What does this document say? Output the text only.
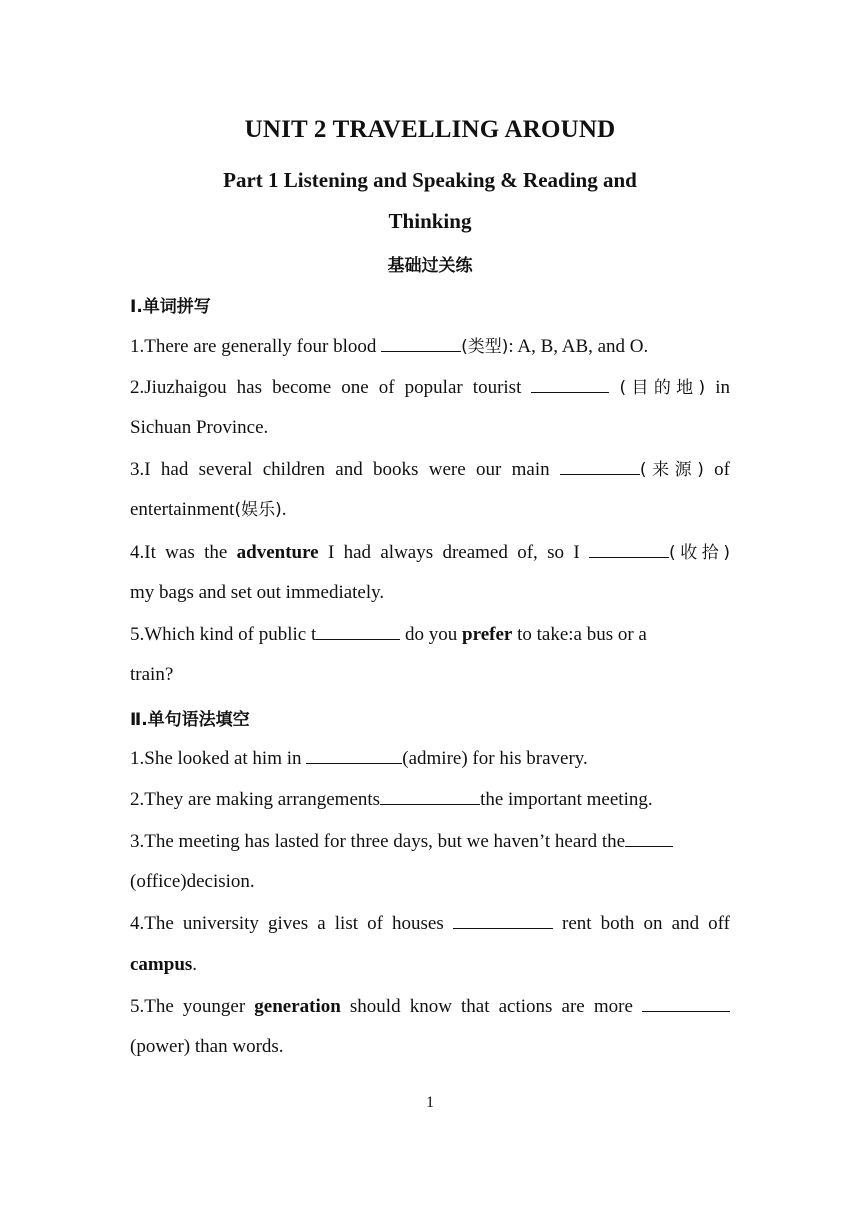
UNIT 2 TRAVELLING AROUND

Part 1 Listening and Speaking & Reading and

Thinking

基础过关练

Ⅰ.单词拼写

1.There are generally four blood	(类型): A, B, AB, and O.
2.Jiuzhaigou has become one of popular tourist	(目的地) in
Sichuan Province.
3.I had several children and books were our main	(来源) of
entertainment(娱乐).
4.It was the adventure I had always dreamed of, so I	(收拾)
my bags and set out immediately.
5.Which kind of public t	do you prefer to take:a bus or a
train?

Ⅱ.单句语法填空

1.She looked at him in	(admire) for his bravery.
2.They are making arrangements	the important meeting.
3.The meeting has lasted for three days, but we haven’t heard the
(office)decision.
4.The university gives a list of houses	rent both on and off
campus.
5.The younger generation should know that actions are more
(power) than words.

1
